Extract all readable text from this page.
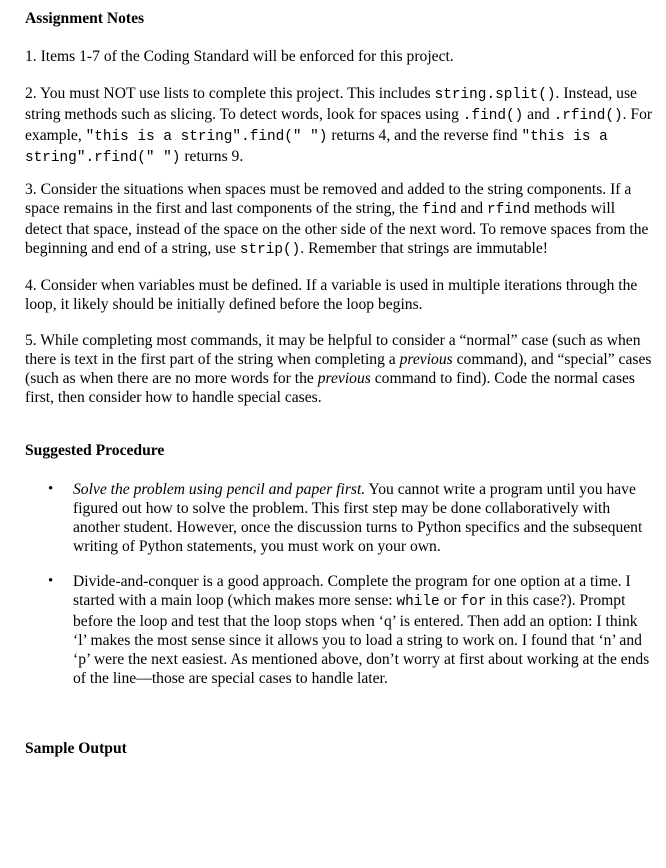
Assignment Notes

1. Items 1-7 of the Coding Standard will be enforced for this project.

2. You must NOT use lists to complete this project. This includes string.split(). Instead, use string methods such as slicing. To detect words, look for spaces using .find() and .rfind(). For example, "this is a string".find(" ") returns 4, and the reverse find "this is a string".rfind(" ") returns 9.

3. Consider the situations when spaces must be removed and added to the string components. If a space remains in the first and last components of the string, the find and rfind methods will detect that space, instead of the space on the other side of the next word. To remove spaces from the beginning and end of a string, use strip(). Remember that strings are immutable!

4. Consider when variables must be defined. If a variable is used in multiple iterations through the loop, it likely should be initially defined before the loop begins.

5. While completing most commands, it may be helpful to consider a “normal” case (such as when there is text in the first part of the string when completing a previous command), and “special” cases (such as when there are no more words for the previous command to find). Code the normal cases first, then consider how to handle special cases.

Suggested Procedure
•	Solve the problem using pencil and paper first. You cannot write a program until you have figured out how to solve the problem. This first step may be done collaboratively with another student. However, once the discussion turns to Python specifics and the subsequent writing of Python statements, you must work on your own.

•	Divide-and-conquer is a good approach. Complete the program for one option at a time. I started with a main loop (which makes more sense: while or for in this case?). Prompt before the loop and test that the loop stops when ‘q’ is entered. Then add an option: I think ‘l’ makes the most sense since it allows you to load a string to work on. I found that ‘n’ and ‘p’ were the next easiest. As mentioned above, don’t worry at first about working at the ends of the line—those are special cases to handle later.

Sample Output
